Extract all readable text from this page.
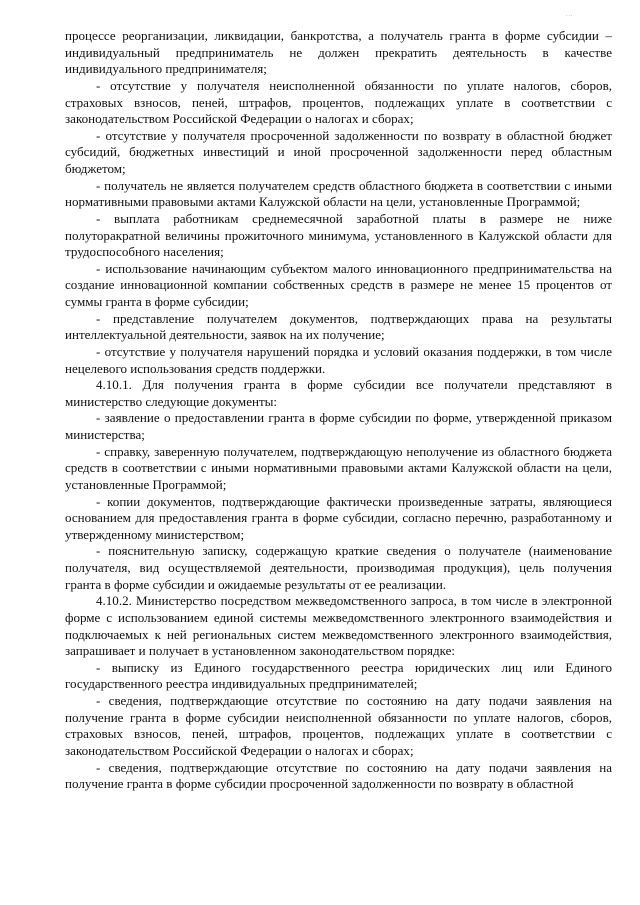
...

процессе реорганизации, ликвидации, банкротства, а получатель гранта в форме субсидии – индивидуальный предприниматель не должен прекратить деятельность в качестве индивидуального предпринимателя;

- отсутствие у получателя неисполненной обязанности по уплате налогов, сборов, страховых взносов, пеней, штрафов, процентов, подлежащих уплате в соответствии с законодательством Российской Федерации о налогах и сборах;

- отсутствие у получателя просроченной задолженности по возврату в областной бюджет субсидий, бюджетных инвестиций и иной просроченной задолженности перед областным бюджетом;

- получатель не является получателем средств областного бюджета в соответствии с иными нормативными правовыми актами Калужской области на цели, установленные Программой;

- выплата работникам среднемесячной заработной платы в размере не ниже полуторакратной величины прожиточного минимума, установленного в Калужской области для трудоспособного населения;

- использование начинающим субъектом малого инновационного предпринимательства на создание инновационной компании собственных средств в размере не менее 15 процентов от суммы гранта в форме субсидии;

- представление получателем документов, подтверждающих права на результаты интеллектуальной деятельности, заявок на их получение;

- отсутствие у получателя нарушений порядка и условий оказания поддержки, в том числе нецелевого использования средств поддержки.

4.10.1. Для получения гранта в форме субсидии все получатели представляют в министерство следующие документы:

- заявление о предоставлении гранта в форме субсидии по форме, утвержденной приказом министерства;

- справку, заверенную получателем, подтверждающую неполучение из областного бюджета средств в соответствии с иными нормативными правовыми актами Калужской области на цели, установленные Программой;

- копии документов, подтверждающие фактически произведенные затраты, являющиеся основанием для предоставления гранта в форме субсидии, согласно перечню, разработанному и утвержденному министерством;

- пояснительную записку, содержащую краткие сведения о получателе (наименование получателя, вид осуществляемой деятельности, производимая продукция), цель получения гранта в форме субсидии и ожидаемые результаты от ее реализации.

4.10.2. Министерство посредством межведомственного запроса, в том числе в электронной форме с использованием единой системы межведомственного электронного взаимодействия и подключаемых к ней региональных систем межведомственного электронного взаимодействия, запрашивает и получает в установленном законодательством порядке:

- выписку из Единого государственного реестра юридических лиц или Единого государственного реестра индивидуальных предпринимателей;

- сведения, подтверждающие отсутствие по состоянию на дату подачи заявления на получение гранта в форме субсидии неисполненной обязанности по уплате налогов, сборов, страховых взносов, пеней, штрафов, процентов, подлежащих уплате в соответствии с законодательством Российской Федерации о налогах и сборах;

- сведения, подтверждающие отсутствие по состоянию на дату подачи заявления на получение гранта в форме субсидии просроченной задолженности по возврату в областной
